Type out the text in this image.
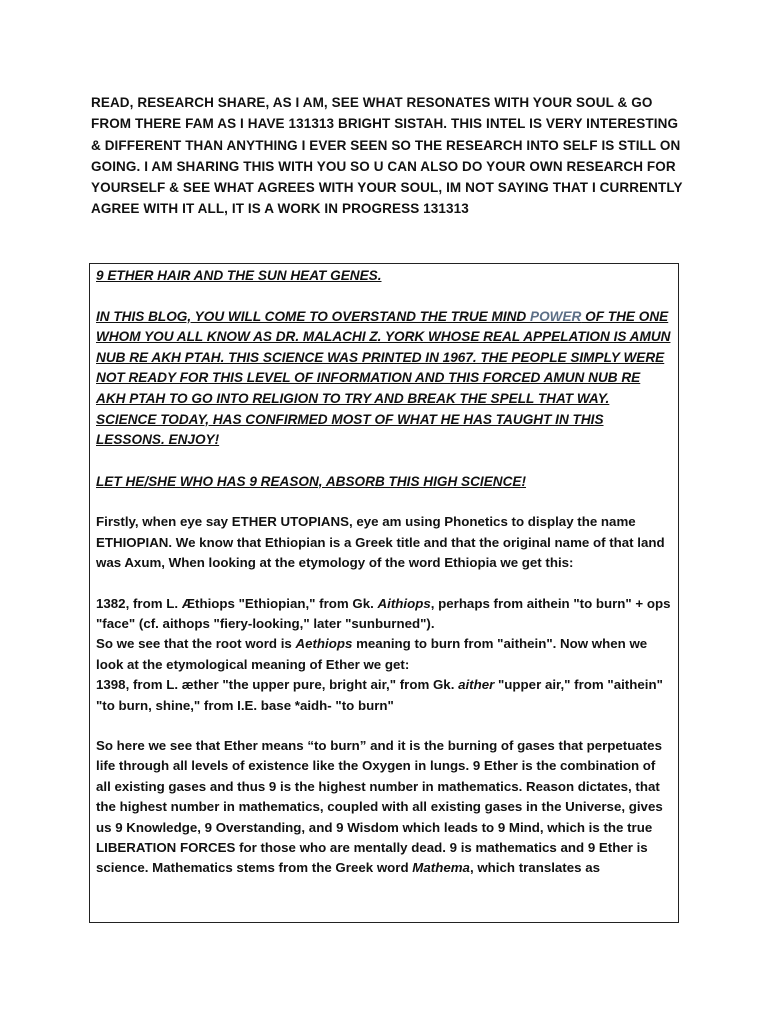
READ, RESEARCH SHARE, AS I AM, SEE WHAT RESONATES WITH YOUR SOUL & GO FROM THERE FAM AS I HAVE 131313 BRIGHT SISTAH. THIS INTEL IS VERY INTERESTING & DIFFERENT THAN ANYTHING I EVER SEEN SO THE RESEARCH INTO SELF IS STILL ON GOING. I AM SHARING THIS WITH YOU SO U CAN ALSO DO YOUR OWN RESEARCH FOR YOURSELF & SEE WHAT AGREES WITH YOUR SOUL, IM NOT SAYING THAT I CURRENTLY AGREE WITH IT ALL, IT IS A WORK IN PROGRESS 131313

9 ETHER HAIR AND THE SUN HEAT GENES.

IN THIS BLOG, YOU WILL COME TO OVERSTAND THE TRUE MIND POWER OF THE ONE WHOM YOU ALL KNOW AS DR. MALACHI Z. YORK WHOSE REAL APPELATION IS AMUN NUB RE AKH PTAH. THIS SCIENCE WAS PRINTED IN 1967. THE PEOPLE SIMPLY WERE NOT READY FOR THIS LEVEL OF INFORMATION AND THIS FORCED AMUN NUB RE AKH PTAH TO GO INTO RELIGION TO TRY AND BREAK THE SPELL THAT WAY. SCIENCE TODAY, HAS CONFIRMED MOST OF WHAT HE HAS TAUGHT IN THIS LESSONS. ENJOY!

LET HE/SHE WHO HAS 9 REASON, ABSORB THIS HIGH SCIENCE!

Firstly, when eye say ETHER UTOPIANS, eye am using Phonetics to display the name ETHIOPIAN. We know that Ethiopian is a Greek title and that the original name of that land was Axum, When looking at the etymology of the word Ethiopia we get this:

1382, from L. Æthiops "Ethiopian," from Gk. Aithiops, perhaps from aithein "to burn" + ops "face" (cf. aithops "fiery-looking," later "sunburned").

So we see that the root word is Aethiops meaning to burn from "aithein". Now when we look at the etymological meaning of Ether we get:
1398, from L. æther "the upper pure, bright air," from Gk. aither "upper air," from "aithein" "to burn, shine," from I.E. base *aidh- "to burn"

So here we see that Ether means “to burn” and it is the burning of gases that perpetuates life through all levels of existence like the Oxygen in lungs. 9 Ether is the combination of all existing gases and thus 9 is the highest number in mathematics. Reason dictates, that the highest number in mathematics, coupled with all existing gases in the Universe, gives us 9 Knowledge, 9 Overstanding, and 9 Wisdom which leads to 9 Mind, which is the true LIBERATION FORCES for those who are mentally dead. 9 is mathematics and 9 Ether is science. Mathematics stems from the Greek word Mathema, which translates as
